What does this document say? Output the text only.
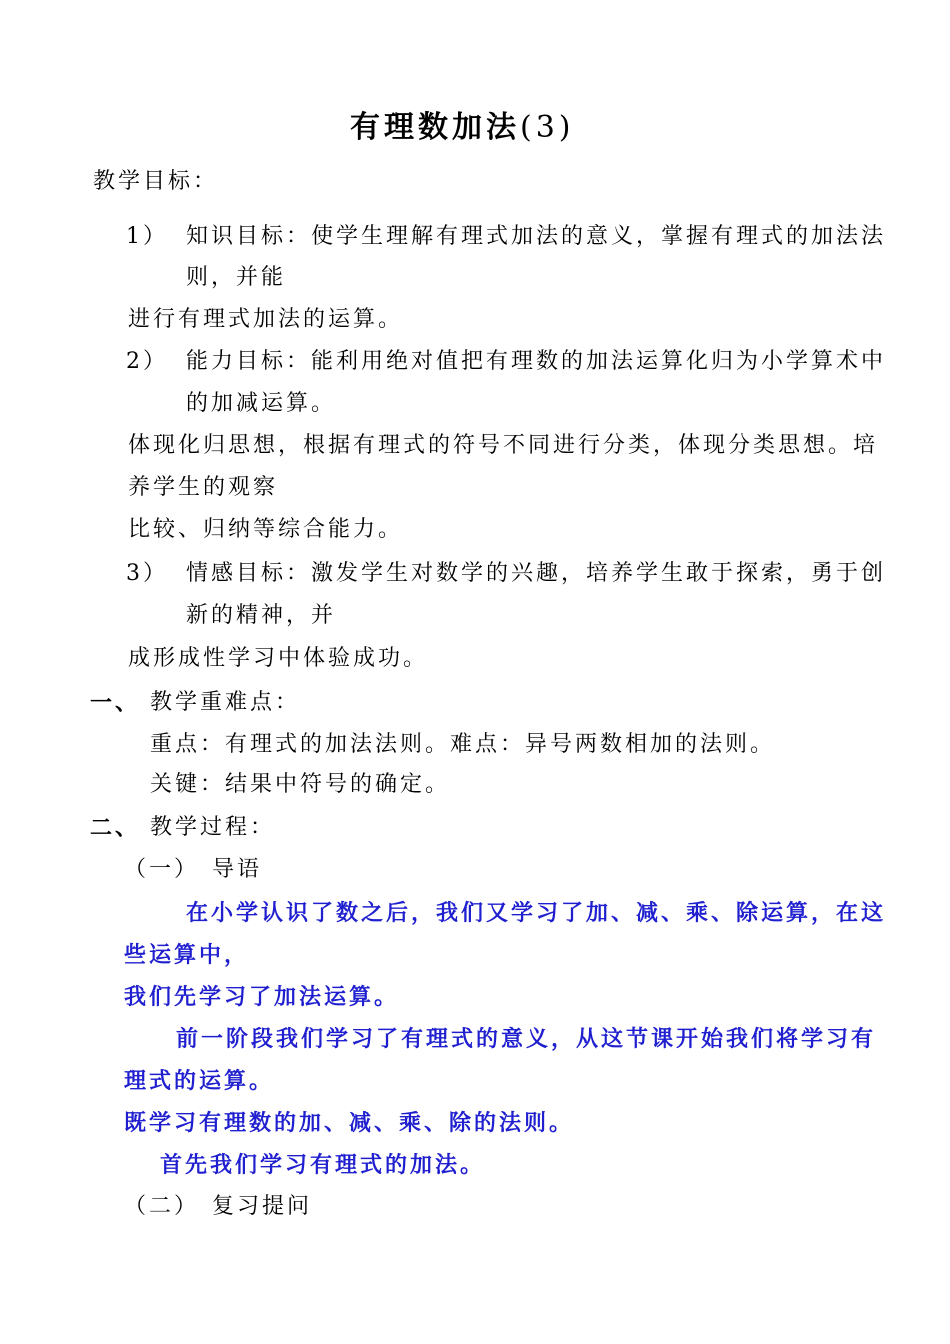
有理数加法(3)
教学目标：
1） 知识目标：使学生理解有理式加法的意义，掌握有理式的加法法
则，并能
进行有理式加法的运算。
2） 能力目标：能利用绝对值把有理数的加法运算化归为小学算术中
的加减运算。
体现化归思想，根据有理式的符号不同进行分类，体现分类思想。培
养学生的观察
比较、归纳等综合能力。
3） 情感目标：激发学生对数学的兴趣，培养学生敢于探索，勇于创
新的精神，并
成形成性学习中体验成功。
一、 教学重难点：
重点：有理式的加法法则。难点：异号两数相加的法则。
关键：结果中符号的确定。
二、 教学过程：
（一） 导语
在小学认识了数之后，我们又学习了加、减、乘、除运算，在这
些运算中，
我们先学习了加法运算。
前一阶段我们学习了有理式的意义，从这节课开始我们将学习有
理式的运算。
既学习有理数的加、减、乘、除的法则。
首先我们学习有理式的加法。
（二） 复习提问
